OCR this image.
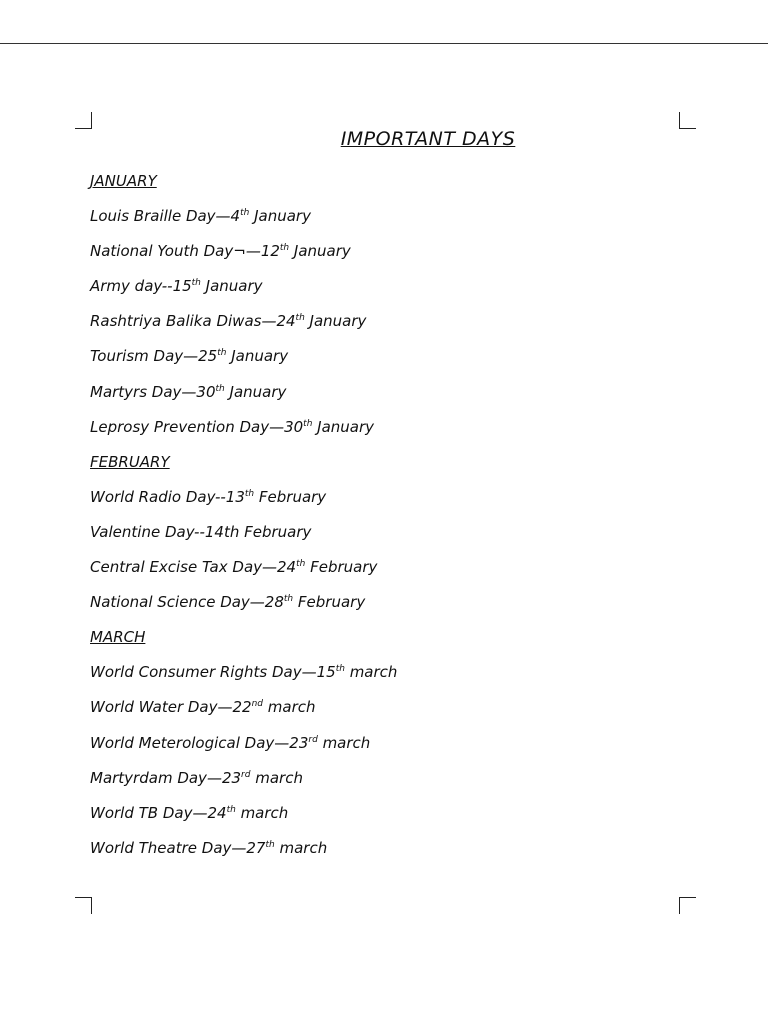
IMPORTANT DAYS
JANUARY
Louis Braille Day—4th January
National Youth Day¬—12th January
Army day--15th January
Rashtriya Balika Diwas—24th January
Tourism Day—25th January
Martyrs Day—30th January
Leprosy Prevention Day—30th January
FEBRUARY
World Radio Day--13th February
Valentine Day--14th February
Central Excise Tax Day—24th February
National Science Day—28th February
MARCH
World Consumer Rights Day—15th march
World Water Day—22nd march
World Meterological Day—23rd march
Martyrdam Day—23rd march
World TB Day—24th march
World Theatre Day—27th march
